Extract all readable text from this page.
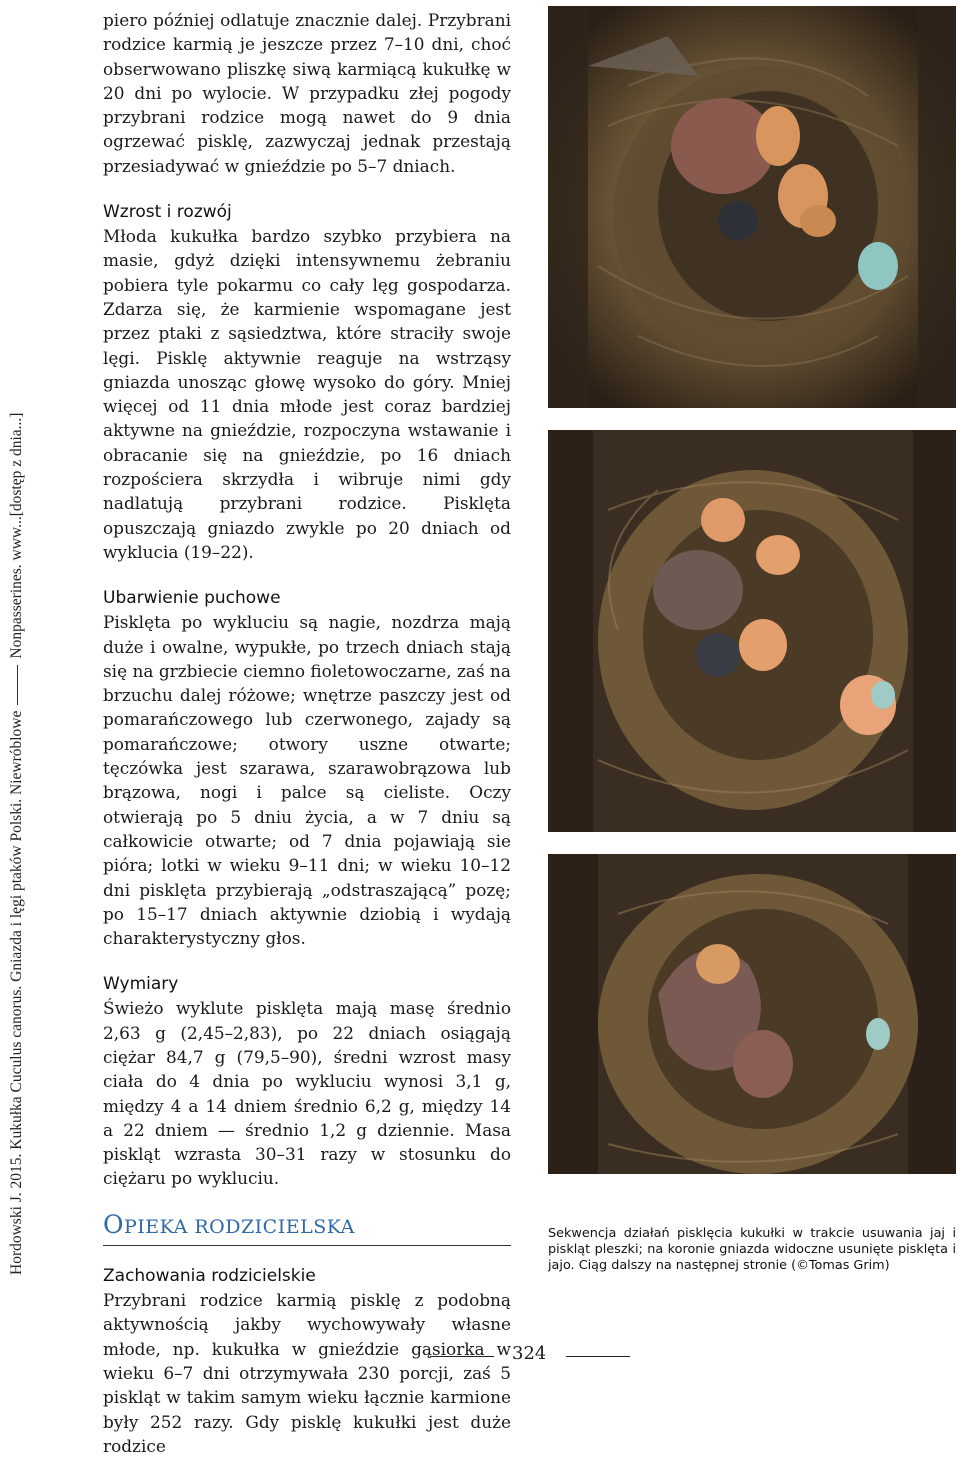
Hordowski J. 2015. Kukułka Cuculus canorus. Gniazda i lęgi ptaków Polski. NiewróbloweNonpasserines. www...[dostęp z dnia...]

piero później odlatuje znacznie dalej. Przybrani rodzice karmią je jeszcze przez 7–10 dni, choć obserwowano pliszkę siwą karmiącą kukułkę w 20 dni po wylocie. W przypadku złej pogody przybrani rodzice mogą nawet do 9 dnia ogrzewać pisklę, zazwyczaj jednak przestają przesiadywać w gnieździe po 5–7 dniach.

Wzrost i rozwój

Młoda kukułka bardzo szybko przybiera na masie, gdyż dzięki intensywnemu żebraniu pobiera tyle pokarmu co cały lęg gospodarza. Zdarza się, że karmienie wspomagane jest przez ptaki z sąsiedztwa, które straciły swoje lęgi. Pisklę aktywnie reaguje na wstrząsy gniazda unosząc głowę wysoko do góry. Mniej więcej od 11 dnia młode jest coraz bardziej aktywne na gnieździe, rozpoczyna wstawanie i obracanie się na gnieździe, po 16 dniach rozpościera skrzydła i wibruje nimi gdy nadlatują przybrani rodzice. Pisklęta opuszczają gniazdo zwykle po 20 dniach od wyklucia (19–22).

Ubarwienie puchowe

Pisklęta po wykluciu są nagie, nozdrza mają duże i owalne, wypukłe, po trzech dniach stają się na grzbiecie ciemno fioletowoczarne, zaś na brzuchu dalej różowe; wnętrze paszczy jest od pomarańczowego lub czerwonego, zajady są pomarańczowe; otwory uszne otwarte; tęczówka jest szarawa, szarawobrązowa lub brązowa, nogi i palce są cieliste. Oczy otwierają po 5 dniu życia, a w 7 dniu są całkowicie otwarte; od 7 dnia pojawiają sie pióra; lotki w wieku 9–11 dni; w wieku 10–12 dni pisklęta przybierają „odstraszającą” pozę; po 15–17 dniach aktywnie dziobią i wydają charakterystyczny głos.

Wymiary

Świeżo wyklute pisklęta mają masę średnio 2,63 g (2,45–2,83), po 22 dniach osiągają ciężar 84,7 g (79,5–90), średni wzrost masy ciała do 4 dnia po wykluciu wynosi 3,1 g, między 4 a 14 dniem średnio 6,2 g, między 14 a 22 dniem — średnio 1,2 g dziennie. Masa piskląt wzrasta 30–31 razy w stosunku do ciężaru po wykluciu.

OPIEKA RODZICIELSKA
Zachowania rodzicielskie

Przybrani rodzice karmią pisklę z podobną aktywnością jakby wychowywały własne młode, np. kukułka w gnieździe gąsiorka w wieku 6–7 dni otrzymywała 230 porcji, zaś 5 piskląt w takim samym wieku łącznie karmione były 252 razy. Gdy pisklę kukułki jest duże rodzice

Sekwencja działań pisklęcia kukułki w trakcie usuwania jaj i piskląt pleszki; na koronie gniazda widoczne usunięte pisklęta i jajo. Ciąg dalszy na następnej stronie (©Tomas Grim)
324
